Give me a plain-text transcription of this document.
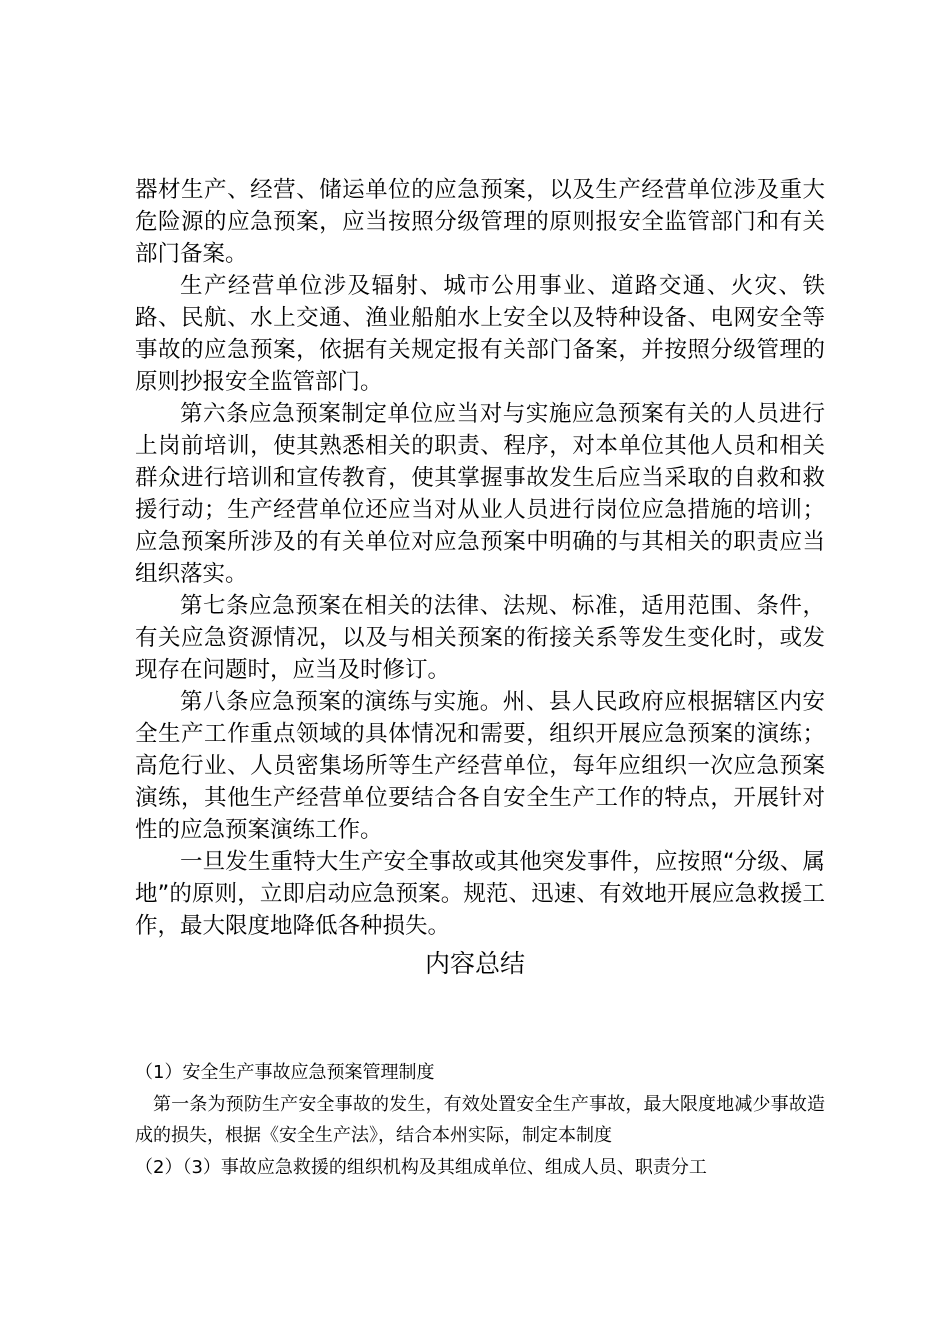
器材生产、经营、储运单位的应急预案，以及生产经营单位涉及重大危险源的应急预案，应当按照分级管理的原则报安全监管部门和有关部门备案。

生产经营单位涉及辐射、城市公用事业、道路交通、火灾、铁路、民航、水上交通、渔业船舶水上安全以及特种设备、电网安全等事故的应急预案，依据有关规定报有关部门备案，并按照分级管理的原则抄报安全监管部门。

第六条应急预案制定单位应当对与实施应急预案有关的人员进行上岗前培训，使其熟悉相关的职责、程序，对本单位其他人员和相关群众进行培训和宣传教育，使其掌握事故发生后应当采取的自救和救援行动；生产经营单位还应当对从业人员进行岗位应急措施的培训；应急预案所涉及的有关单位对应急预案中明确的与其相关的职责应当组织落实。

第七条应急预案在相关的法律、法规、标准，适用范围、条件，有关应急资源情况，以及与相关预案的衔接关系等发生变化时，或发现存在问题时，应当及时修订。

第八条应急预案的演练与实施。州、县人民政府应根据辖区内安全生产工作重点领域的具体情况和需要，组织开展应急预案的演练；高危行业、人员密集场所等生产经营单位，每年应组织一次应急预案演练，其他生产经营单位要结合各自安全生产工作的特点，开展针对性的应急预案演练工作。

一旦发生重特大生产安全事故或其他突发事件，应按照“分级、属地”的原则，立即启动应急预案。规范、迅速、有效地开展应急救援工作，最大限度地降低各种损失。

内容总结

（1）安全生产事故应急预案管理制度

第一条为预防生产安全事故的发生，有效处置安全生产事故，最大限度地减少事故造成的损失，根据《安全生产法》，结合本州实际，制定本制度

（2）（3）事故应急救援的组织机构及其组成单位、组成人员、职责分工
